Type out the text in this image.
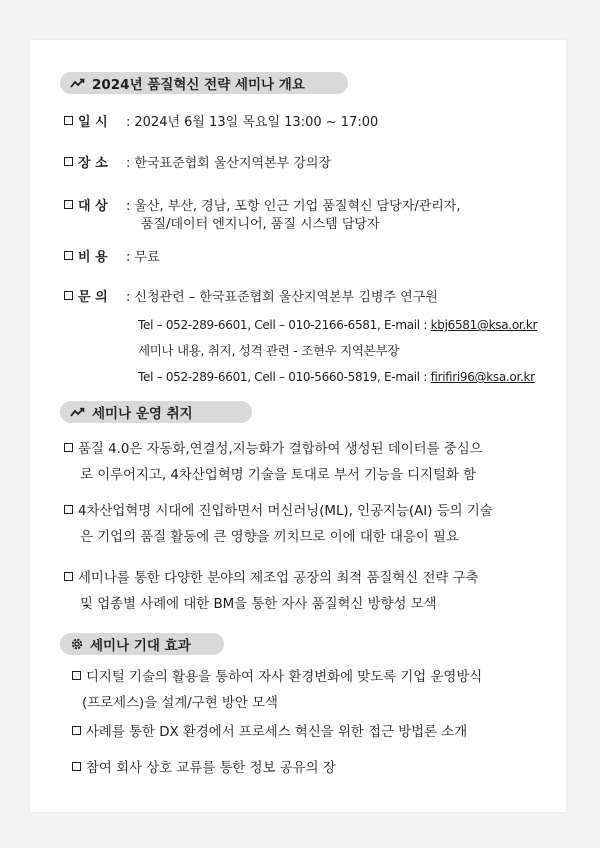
2024년 품질혁신 전략 세미나 개요
일 시 : 2024년 6월 13일 목요일 13:00 ~ 17:00
장 소 : 한국표준협회 울산지역본부 강의장
대 상 : 울산, 부산, 경남, 포항 인근 기업 품질혁신 담당자/관리자,
품질/데이터 엔지니어, 품질 시스템 담당자
비 용 : 무료
문 의 : 신청관련 – 한국표준협회 울산지역본부 김병주 연구원
Tel – 052-289-6601, Cell – 010-2166-6581, E-mail : kbj6581@ksa.or.kr
세미나 내용, 취지, 성격 관련 - 조현우 지역본부장
Tel – 052-289-6601, Cell – 010-5660-5819, E-mail : firifiri96@ksa.or.kr
세미나 운영 취지
품질 4.0은 자동화,연결성,지능화가 결합하여 생성된 데이터를 중심으
로 이루어지고, 4차산업혁명 기술을 토대로 부서 기능을 디지털화 함
4차산업혁명 시대에 진입하면서 머신러닝(ML), 인공지능(AI) 등의 기술
은 기업의 품질 활동에 큰 영향을 끼치므로 이에 대한 대응이 필요
세미나를 통한 다양한 분야의 제조업 공장의 최적 품질혁신 전략 구축
및 업종별 사례에 대한 BM을 통한 자사 품질혁신 방향성 모색
세미나 기대 효과
디지털 기술의 활용을 통하여 자사 환경변화에 맞도록 기업 운영방식
(프로세스)을 설계/구현 방안 모색
사례를 통한 DX 환경에서 프로세스 혁신을 위한 접근 방법론 소개
참여 회사 상호 교류를 통한 정보 공유의 장
